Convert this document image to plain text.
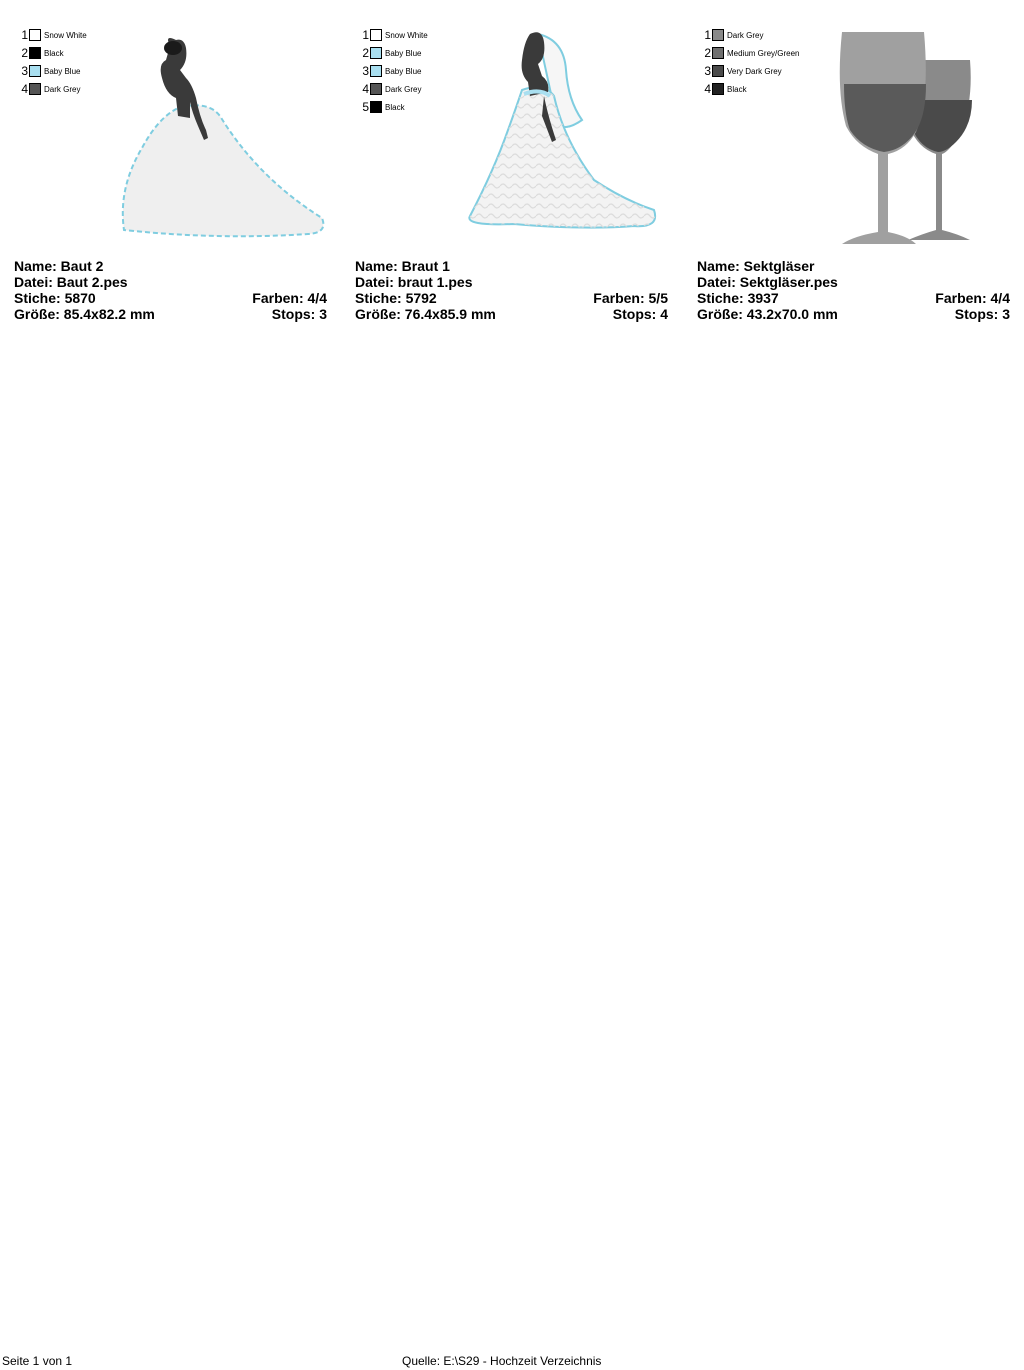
1 Snow White
2 Black
3 Baby Blue
4 Dark Grey
Name: Baut 2
Datei: Baut 2.pes
Stiche: 5870	Farben: 4/4
Größe: 85.4x82.2 mm	Stops: 3
1 Snow White
2 Baby Blue
3 Baby Blue
4 Dark Grey
5 Black
Name: Braut 1
Datei: braut 1.pes
Stiche: 5792	Farben: 5/5
Größe: 76.4x85.9 mm	Stops: 4
1 Dark Grey
2 Medium Grey/Green
3 Very Dark Grey
4 Black
Name: Sektgläser
Datei: Sektgläser.pes
Stiche: 3937	Farben: 4/4
Größe: 43.2x70.0 mm	Stops: 3
Seite 1 von 1	Quelle: E:\S29 - Hochzeit Verzeichnis
